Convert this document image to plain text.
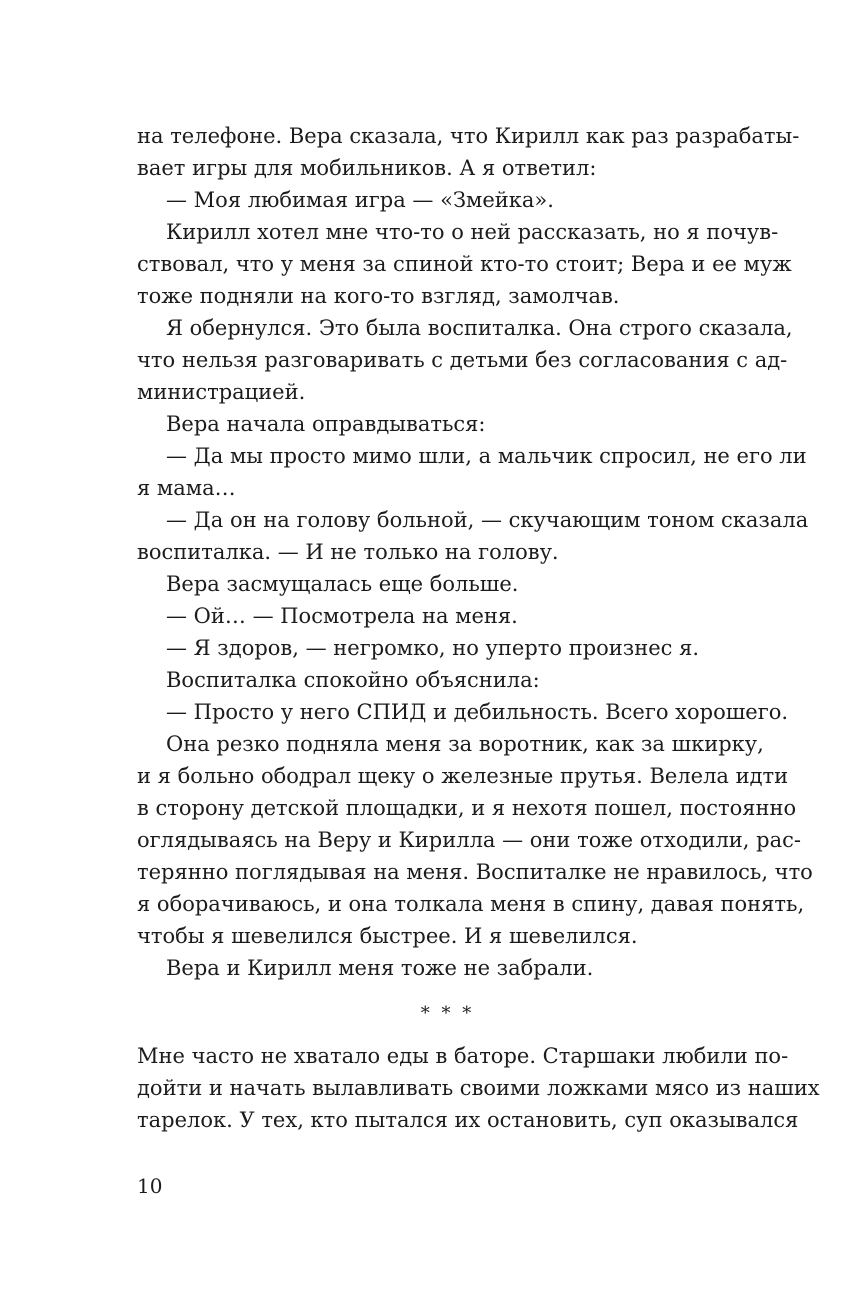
на телефоне. Вера сказала, что Кирилл как раз разрабаты-
вает игры для мобильников. А я ответил:
— Моя любимая игра — «Змейка».
Кирилл хотел мне что-то о ней рассказать, но я почув-
ствовал, что у меня за спиной кто-то стоит; Вера и ее муж
тоже подняли на кого-то взгляд, замолчав.
Я обернулся. Это была воспиталка. Она строго сказала,
что нельзя разговаривать с детьми без согласования с ад-
министрацией.
Вера начала оправдываться:
— Да мы просто мимо шли, а мальчик спросил, не его ли
я мама…
— Да он на голову больной, — скучающим тоном сказала
воспиталка. — И не только на голову.
Вера засмущалась еще больше.
— Ой… — Посмотрела на меня.
— Я здоров, — негромко, но уперто произнес я.
Воспиталка спокойно объяснила:
— Просто у него СПИД и дебильность. Всего хорошего.
Она резко подняла меня за воротник, как за шкирку,
и я больно ободрал щеку о железные прутья. Велела идти
в сторону детской площадки, и я нехотя пошел, постоянно
оглядываясь на Веру и Кирилла — они тоже отходили, рас-
терянно поглядывая на меня. Воспиталке не нравилось, что
я оборачиваюсь, и она толкала меня в спину, давая понять,
чтобы я шевелился быстрее. И я шевелился.
Вера и Кирилл меня тоже не забрали.
* * *
Мне часто не хватало еды в баторе. Старшаки любили по-
дойти и начать вылавливать своими ложками мясо из наших
тарелок. У тех, кто пытался их остановить, суп оказывался
10
